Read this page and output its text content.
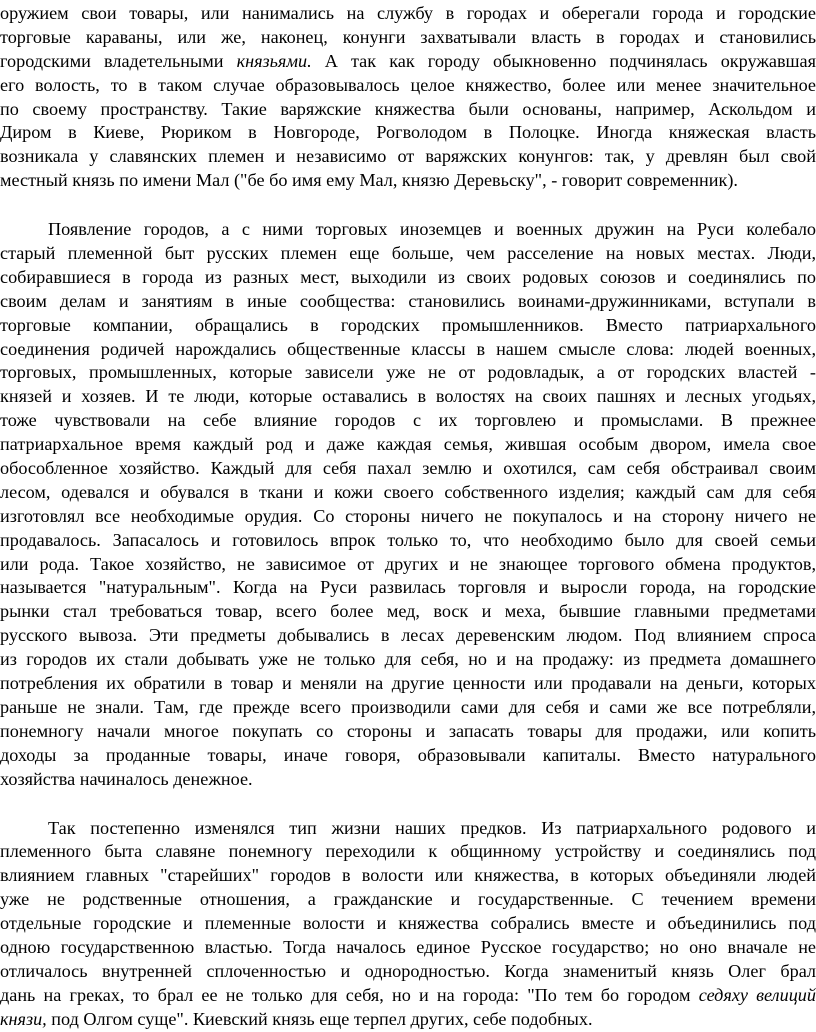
оружием свои товары, или нанимались на службу в городах и оберегали города и городские
торговые караваны, или же, наконец, конунги захватывали власть в городах и становились
городскими владетельными князьями. А так как городу обыкновенно подчинялась окружавшая
его волость, то в таком случае образовывалось целое княжество, более или менее значительное
по своему пространству. Такие варяжские княжества были основаны, например, Аскольдом и
Диром в Киеве, Рюриком в Новгороде, Рогволодом в Полоцке. Иногда княжеская власть
возникала у славянских племен и независимо от варяжских конунгов: так, у древлян был свой
местный князь по имени Мал ("бе бо имя ему Мал, князю Деревьску", - говорит современник).
Появление городов, а с ними торговых иноземцев и военных дружин на Руси колебало
старый племенной быт русских племен еще больше, чем расселение на новых местах. Люди,
собиравшиеся в города из разных мест, выходили из своих родовых союзов и соединялись по
своим делам и занятиям в иные сообщества: становились воинами-дружинниками, вступали в
торговые компании, обращались в городских промышленников. Вместо патриархального
соединения родичей нарождались общественные классы в нашем смысле слова: людей военных,
торговых, промышленных, которые зависели уже не от родовладык, а от городских властей -
князей и хозяев. И те люди, которые оставались в волостях на своих пашнях и лесных угодьях,
тоже чувствовали на себе влияние городов с их торговлею и промыслами. В прежнее
патриархальное время каждый род и даже каждая семья, жившая особым двором, имела свое
обособленное хозяйство. Каждый для себя пахал землю и охотился, сам себя обстраивал своим
лесом, одевался и обувался в ткани и кожи своего собственного изделия; каждый сам для себя
изготовлял все необходимые орудия. Со стороны ничего не покупалось и на сторону ничего не
продавалось. Запасалось и готовилось впрок только то, что необходимо было для своей семьи
или рода. Такое хозяйство, не зависимое от других и не знающее торгового обмена продуктов,
называется "натуральным". Когда на Руси развилась торговля и выросли города, на городские
рынки стал требоваться товар, всего более мед, воск и меха, бывшие главными предметами
русского вывоза. Эти предметы добывались в лесах деревенским людом. Под влиянием спроса
из городов их стали добывать уже не только для себя, но и на продажу: из предмета домашнего
потребления их обратили в товар и меняли на другие ценности или продавали на деньги, которых
раньше не знали. Там, где прежде всего производили сами для себя и сами же все потребляли,
понемногу начали многое покупать со стороны и запасать товары для продажи, или копить
доходы за проданные товары, иначе говоря, образовывали капиталы. Вместо натурального
хозяйства начиналось денежное.
Так постепенно изменялся тип жизни наших предков. Из патриархального родового и
племенного быта славяне понемногу переходили к общинному устройству и соединялись под
влиянием главных "старейших" городов в волости или княжества, в которых объединяли людей
уже не родственные отношения, а гражданские и государственные. С течением времени
отдельные городские и племенные волости и княжества собрались вместе и объединились под
одною государственною властью. Тогда началось единое Русское государство; но оно вначале не
отличалось внутренней сплоченностью и однородностью. Когда знаменитый князь Олег брал
дань на греках, то брал ее не только для себя, но и на города: "По тем бо городом седяху велиций
князи, под Олгом суще". Киевский князь еще терпел других, себе подобных.
